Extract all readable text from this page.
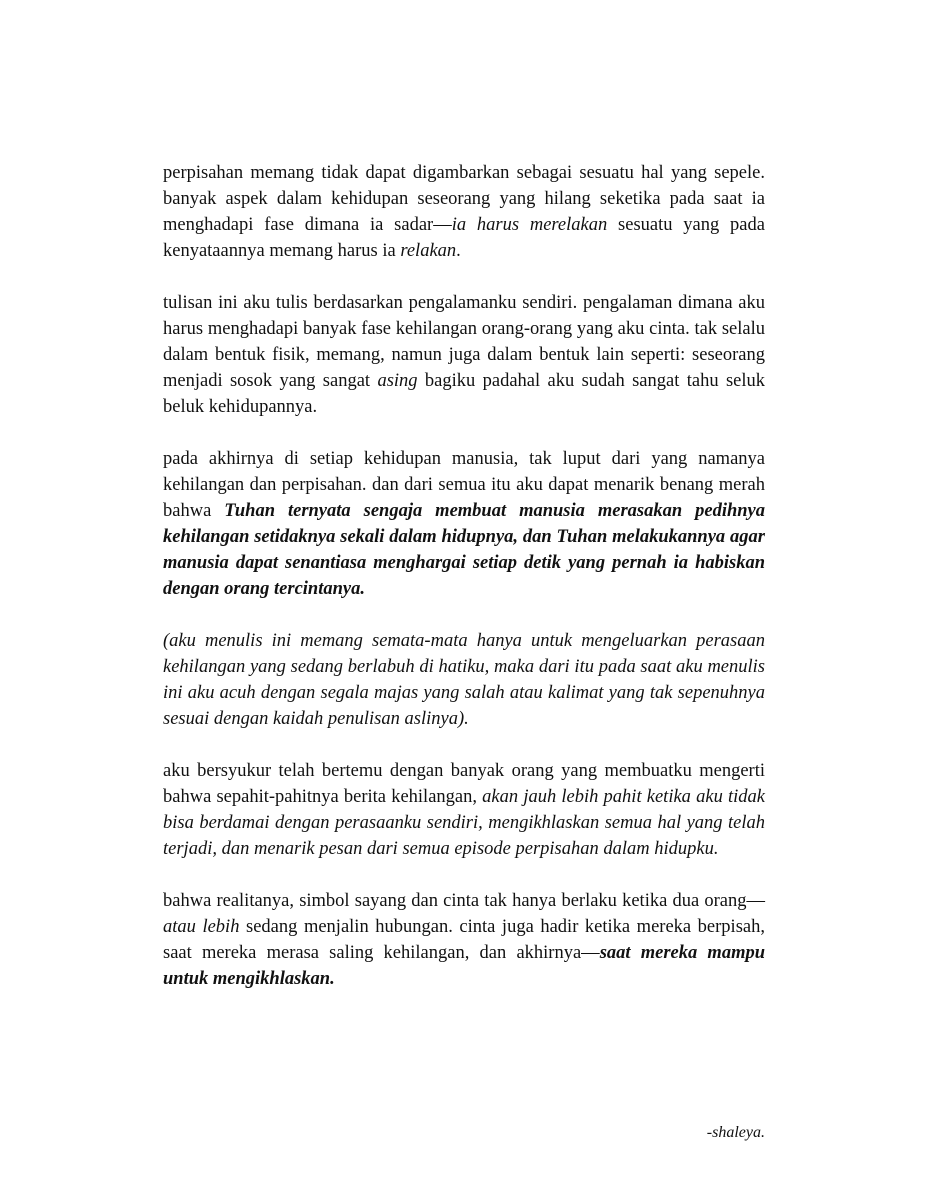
perpisahan memang tidak dapat digambarkan sebagai sesuatu hal yang sepele. banyak aspek dalam kehidupan seseorang yang hilang seketika pada saat ia menghadapi fase dimana ia sadar—ia harus merelakan sesuatu yang pada kenyataannya memang harus ia relakan.

tulisan ini aku tulis berdasarkan pengalamanku sendiri. pengalaman dimana aku harus menghadapi banyak fase kehilangan orang-orang yang aku cinta. tak selalu dalam bentuk fisik, memang, namun juga dalam bentuk lain seperti: seseorang menjadi sosok yang sangat asing bagiku padahal aku sudah sangat tahu seluk beluk kehidupannya.

pada akhirnya di setiap kehidupan manusia, tak luput dari yang namanya kehilangan dan perpisahan. dan dari semua itu aku dapat menarik benang merah bahwa Tuhan ternyata sengaja membuat manusia merasakan pedihnya kehilangan setidaknya sekali dalam hidupnya, dan Tuhan melakukannya agar manusia dapat senantiasa menghargai setiap detik yang pernah ia habiskan dengan orang tercintanya.

(aku menulis ini memang semata-mata hanya untuk mengeluarkan perasaan kehilangan yang sedang berlabuh di hatiku, maka dari itu pada saat aku menulis ini aku acuh dengan segala majas yang salah atau kalimat yang tak sepenuhnya sesuai dengan kaidah penulisan aslinya).

aku bersyukur telah bertemu dengan banyak orang yang membuatku mengerti bahwa sepahit-pahitnya berita kehilangan, akan jauh lebih pahit ketika aku tidak bisa berdamai dengan perasaanku sendiri, mengikhlaskan semua hal yang telah terjadi, dan menarik pesan dari semua episode perpisahan dalam hidupku.

bahwa realitanya, simbol sayang dan cinta tak hanya berlaku ketika dua orang—atau lebih sedang menjalin hubungan. cinta juga hadir ketika mereka berpisah, saat mereka merasa saling kehilangan, dan akhirnya—saat mereka mampu untuk mengikhlaskan.

-shaleya.
